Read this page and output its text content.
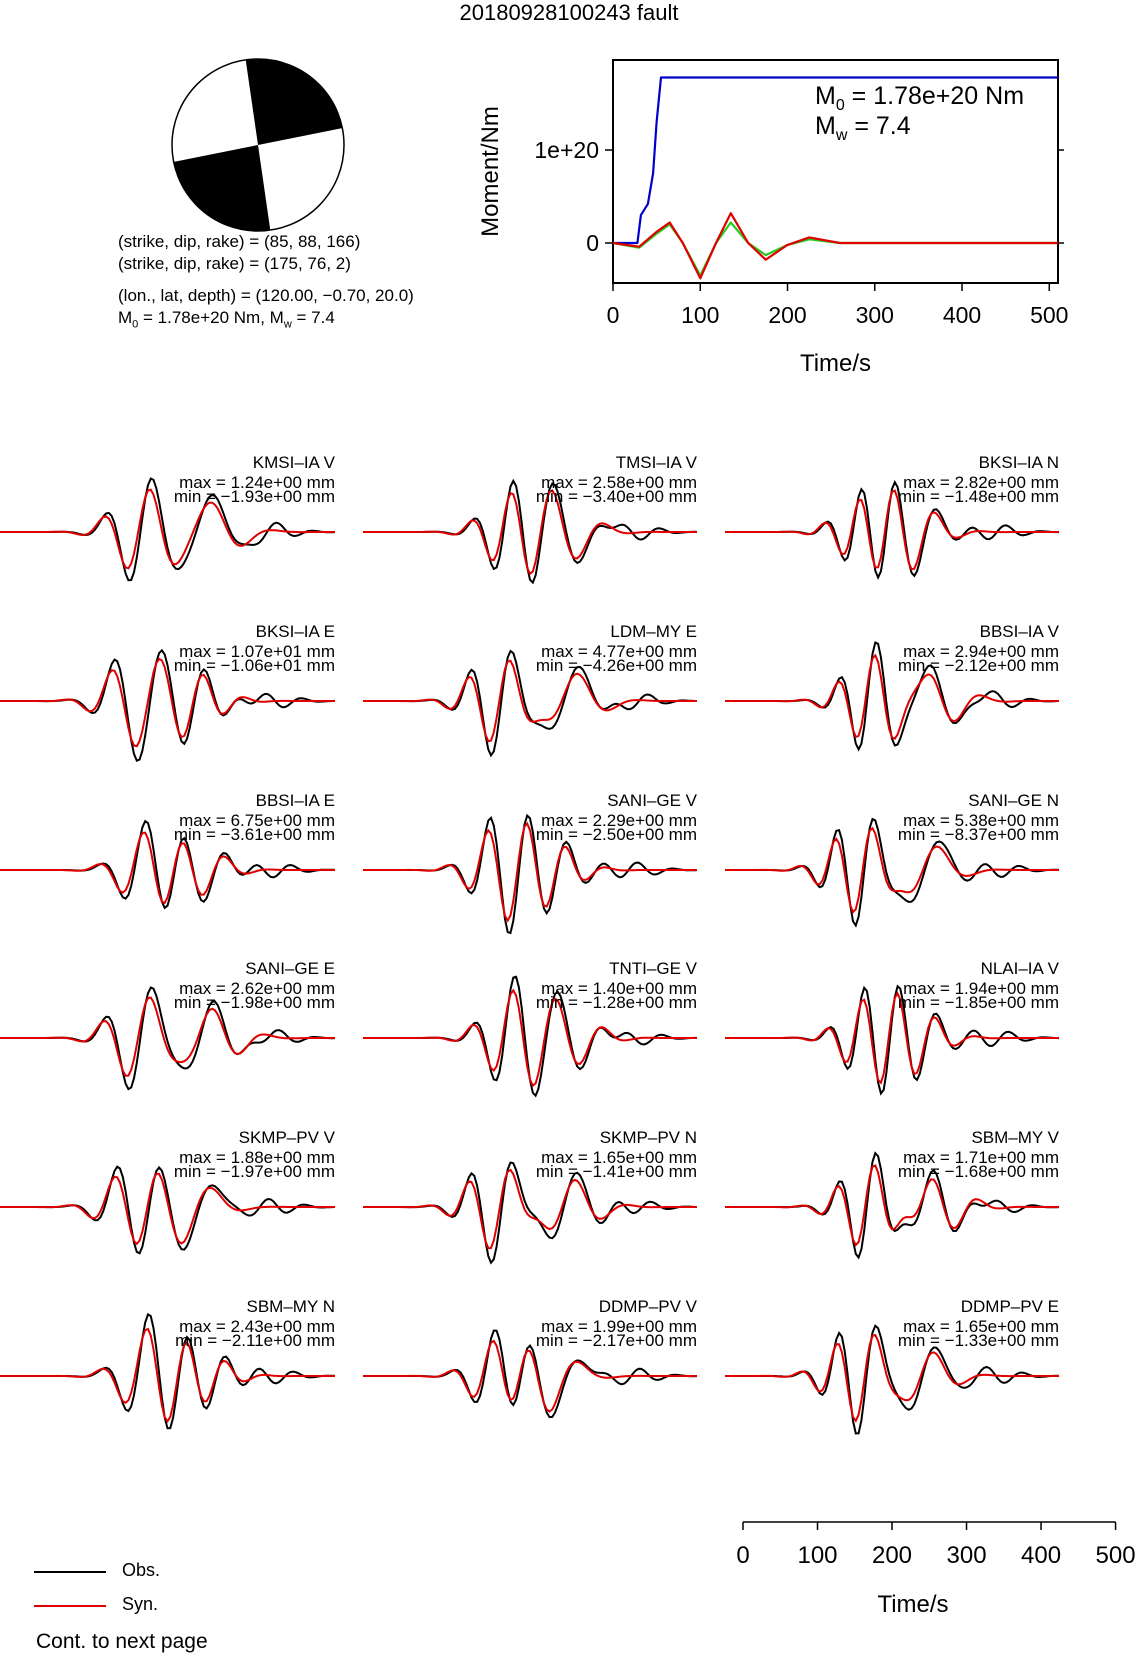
20180928100243 fault
(strike, dip, rake) = (85, 88, 166)
(strike, dip, rake) = (175, 76, 2)
(lon., lat, depth) = (120.00, −0.70, 20.0)
$M_0 = 1.78e+20$ Nm, $M_w = 7.4$	0	100 200 300 400 500
0
1e+20
Time/s
Moment/Nm
$M_0 = 1.78e+20$ Nm
$M_w = 7.4$
KMSI–IA V
max = 1.24e+00 mm
min = −1.93e+00 mm
TMSI–IA V
max = 2.58e+00 mm
min = −3.40e+00 mm
BKSI–IA N
max = 2.82e+00 mm
min = −1.48e+00 mm
BKSI–IA E
max = 1.07e+01 mm
min = −1.06e+01 mm
LDM–MY E
max = 4.77e+00 mm
min = −4.26e+00 mm
BBSI–IA V
max = 2.94e+00 mm
min = −2.12e+00 mm
BBSI–IA E
max = 6.75e+00 mm
min = −3.61e+00 mm
SANI–GE V
max = 2.29e+00 mm
min = −2.50e+00 mm
SANI–GE N
max = 5.38e+00 mm
min = −8.37e+00 mm
SANI–GE E
max = 2.62e+00 mm
min = −1.98e+00 mm
TNTI–GE V
max = 1.40e+00 mm
min = −1.28e+00 mm
NLAI–IA V
max = 1.94e+00 mm
min = −1.85e+00 mm
SKMP–PV V
max = 1.88e+00 mm
min = −1.97e+00 mm
SKMP–PV N
max = 1.65e+00 mm
min = −1.41e+00 mm
SBM–MY V
max = 1.71e+00 mm
min = −1.68e+00 mm
SBM–MY N
max = 2.43e+00 mm
min = −2.11e+00 mm
DDMP–PV V
max = 1.99e+00 mm
min = −2.17e+00 mm
DDMP–PV E
max = 1.65e+00 mm
min = −1.33e+00 mm
0 100 200 300 400 500
Time/s
Obs.
Syn.
Cont. to next page
